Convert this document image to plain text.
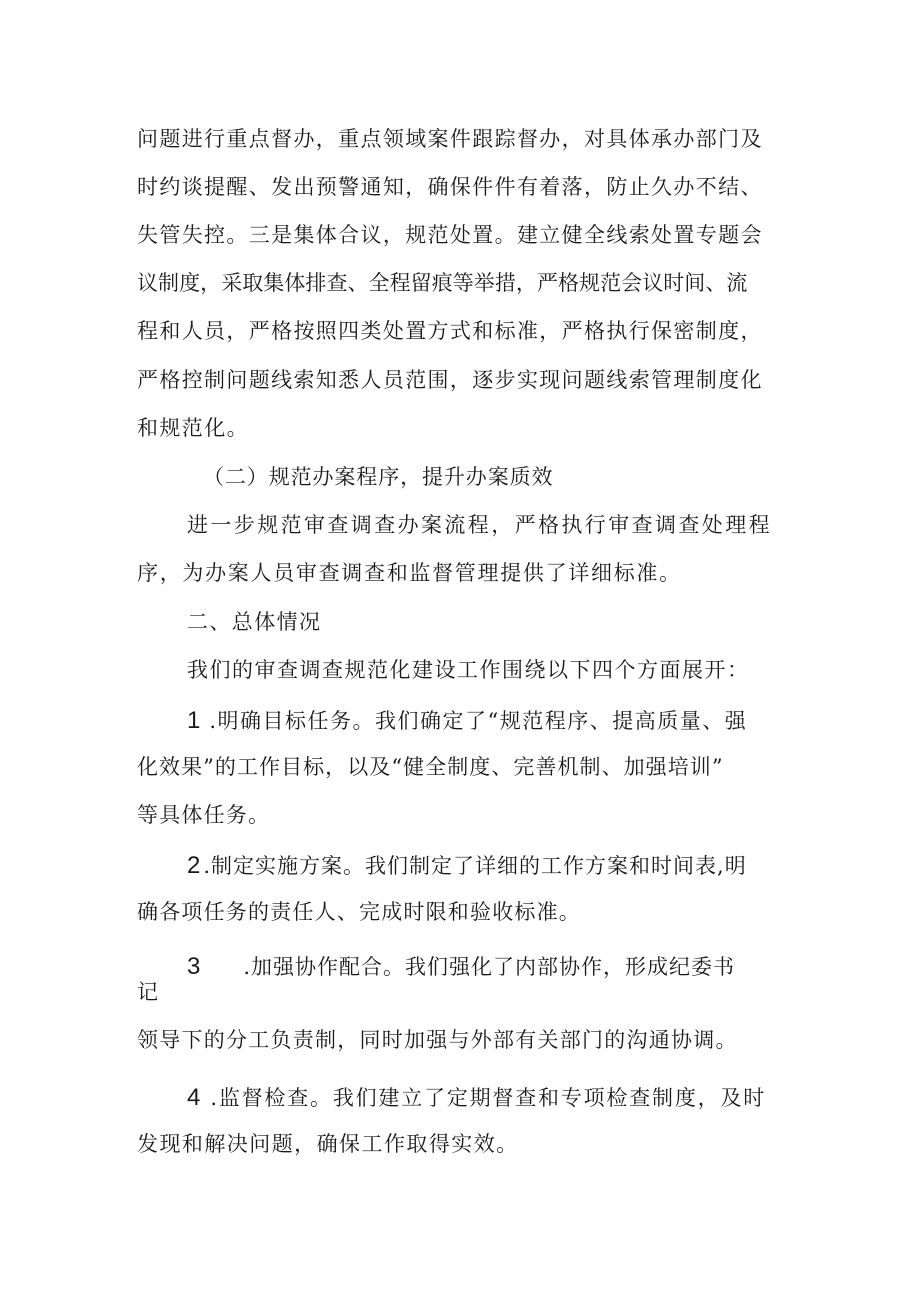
问题进行重点督办，重点领域案件跟踪督办，对具体承办部门及
时约谈提醒、发出预警通知，确保件件有着落，防止久办不结、
失管失控。三是集体合议，规范处置。建立健全线索处置专题会
议制度，采取集体排查、全程留痕等举措，严格规范会议时间、流
程和人员，严格按照四类处置方式和标准，严格执行保密制度，
严格控制问题线索知悉人员范围，逐步实现问题线索管理制度化
和规范化。
（二）规范办案程序，提升办案质效
进一步规范审查调查办案流程，严格执行审查调查处理程
序，为办案人员审查调查和监督管理提供了详细标准。
二、总体情况
我们的审查调查规范化建设工作围绕以下四个方面展开：
1 .明确目标任务。我们确定了“规范程序、提高质量、强
化效果”的工作目标，以及“健全制度、完善机制、加强培训”
等具体任务。
2 .制定实施方案。我们制定了详细的工作方案和时间表,明
确各项任务的责任人、完成时限和验收标准。
3 .加强协作配合。我们强化了内部协作，形成纪委书
记
领导下的分工负责制，同时加强与外部有关部门的沟通协调。
4 .监督检查。我们建立了定期督查和专项检查制度，及时
发现和解决问题，确保工作取得实效。
